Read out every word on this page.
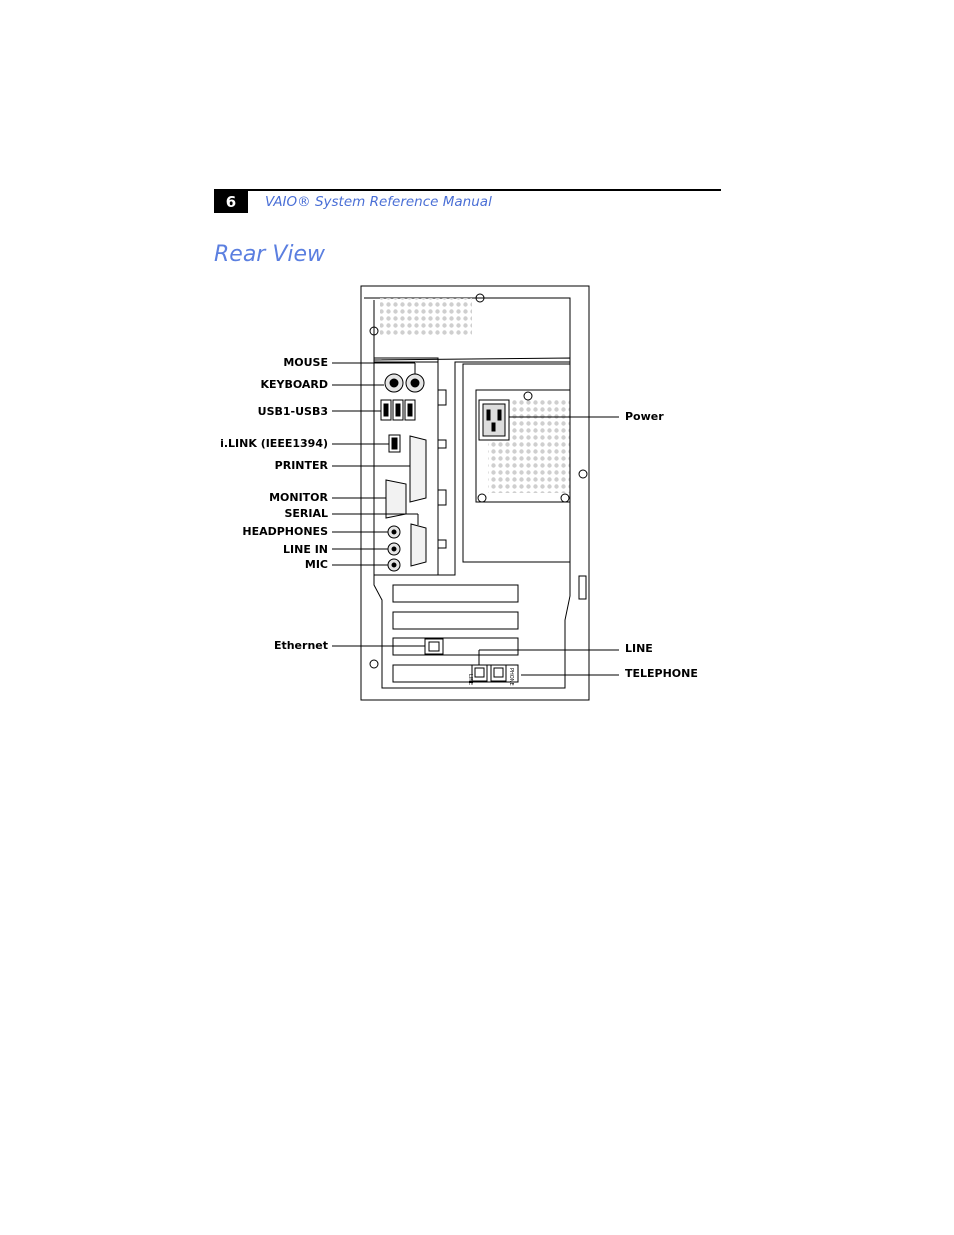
6	VAIO® System Reference Manual
Rear View
LINE	PHONE
MOUSE
KEYBOARD
USB1-USB3
i.LINK (IEEE1394)
PRINTER
MONITOR
SERIAL
HEADPHONES
LINE IN
MIC
Ethernet
Power
LINE
TELEPHONE
